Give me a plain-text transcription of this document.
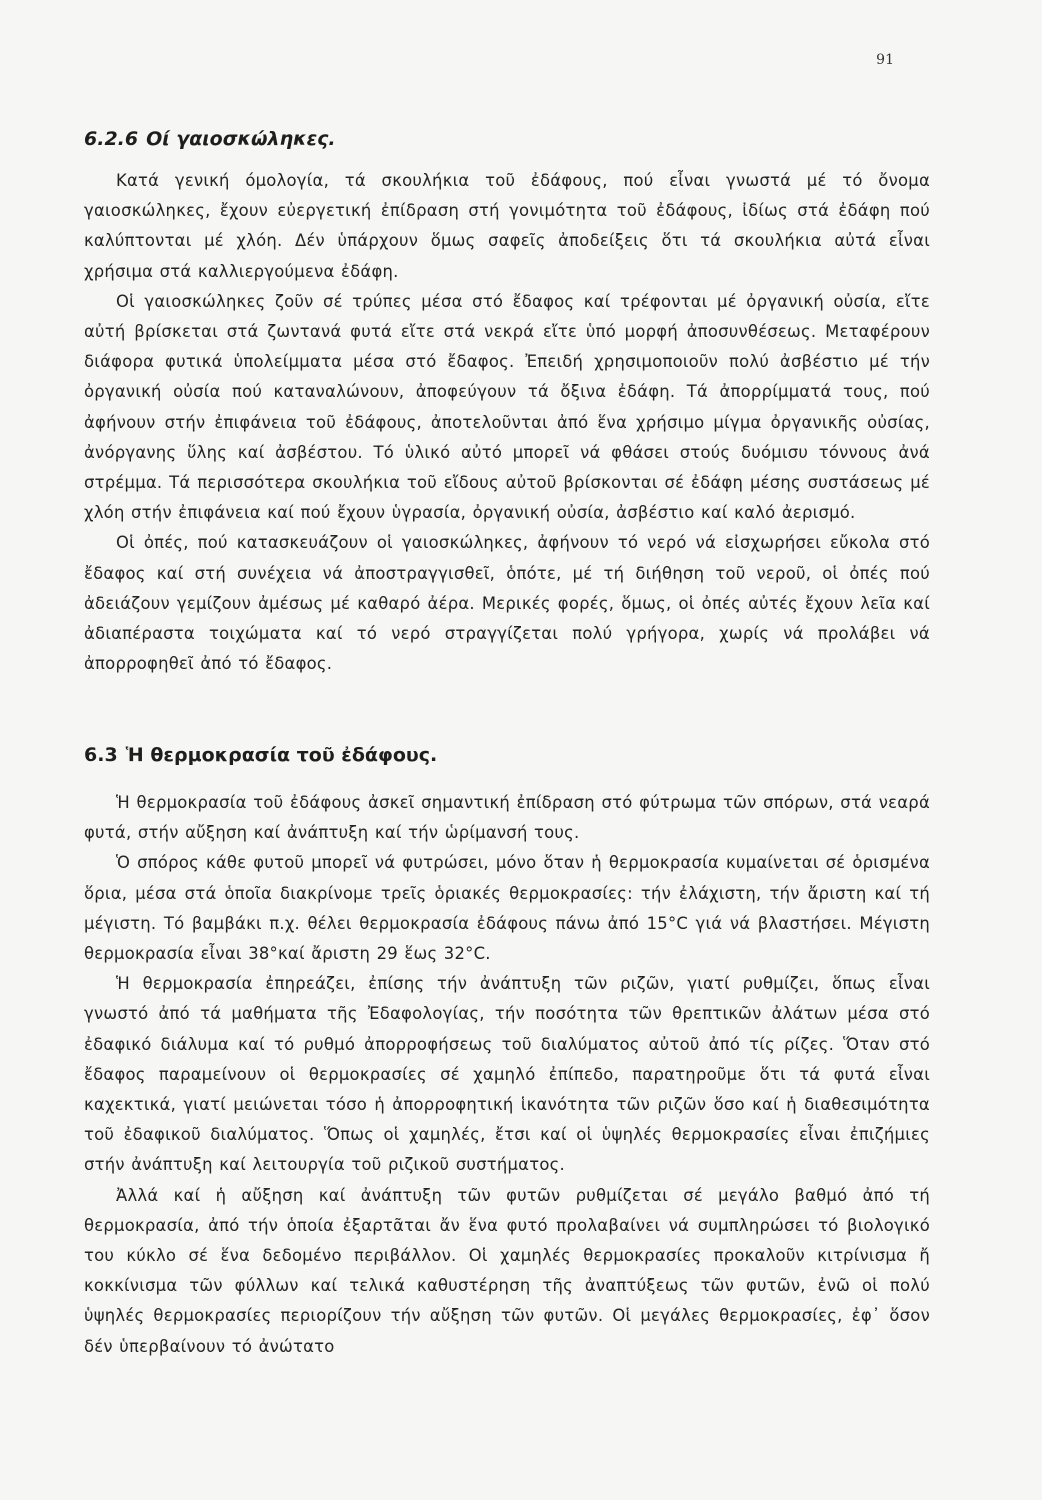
91
6.2.6 Οί γαιοσκώληκες.

Κατά γενική όμολογία, τά σκουλήκια τοῦ ἐδάφους, πού εἶναι γνωστά μέ τό ὄνομα γαιοσκώληκες, ἔχουν εὐεργετική ἐπίδραση στή γονιμότητα τοῦ ἐδάφους, ἰδίως στά ἐδάφη πού καλύπτονται μέ χλόη. Δέν ὑπάρχουν ὅμως σαφεῖς ἀποδείξεις ὅτι τά σκουλήκια αὐτά εἶναι χρήσιμα στά καλλιεργούμενα ἐδάφη.

Οἱ γαιοσκώληκες ζοῦν σέ τρύπες μέσα στό ἔδαφος καί τρέφονται μέ ὀργανική οὐσία, εἴτε αὐτή βρίσκεται στά ζωντανά φυτά εἴτε στά νεκρά εἴτε ὑπό μορφή ἀποσυνθέσεως. Μεταφέρουν διάφορα φυτικά ὑπολείμματα μέσα στό ἔδαφος. Ἐπειδή χρησιμοποιοῦν πολύ ἀσβέστιο μέ τήν ὀργανική οὐσία πού καταναλώνουν, ἀποφεύγουν τά ὄξινα ἐδάφη. Τά ἀπορρίμματά τους, πού ἀφήνουν στήν ἐπιφάνεια τοῦ ἐδάφους, ἀποτελοῦνται ἀπό ἕνα χρήσιμο μίγμα ὀργανικῆς οὐσίας, ἀνόργανης ὕλης καί ἀσβέστου. Τό ὑλικό αὐτό μπορεῖ νά φθάσει στούς δυόμισυ τόννους ἀνά στρέμμα. Τά περισσότερα σκουλήκια τοῦ εἴδους αὐτοῦ βρίσκονται σέ ἐδάφη μέσης συστάσεως μέ χλόη στήν ἐπιφάνεια καί πού ἔχουν ὑγρασία, ὀργανική οὐσία, ἀσβέστιο καί καλό ἀερισμό.

Οἱ ὀπές, πού κατασκευάζουν οἱ γαιοσκώληκες, ἀφήνουν τό νερό νά εἰσχωρήσει εὔκολα στό ἔδαφος καί στή συνέχεια νά ἀποστραγγισθεῖ, ὁπότε, μέ τή διήθηση τοῦ νεροῦ, οἱ ὀπές πού ἀδειάζουν γεμίζουν ἀμέσως μέ καθαρό ἀέρα. Μερικές φορές, ὅμως, οἱ ὀπές αὐτές ἔχουν λεῖα καί ἀδιαπέραστα τοιχώματα καί τό νερό στραγγίζεται πολύ γρήγορα, χωρίς νά προλάβει νά ἀπορροφηθεῖ ἀπό τό ἔδαφος.

6.3 Ἡ θερμοκρασία τοῦ ἐδάφους.

Ἡ θερμοκρασία τοῦ ἐδάφους ἀσκεῖ σημαντική ἐπίδραση στό φύτρωμα τῶν σπόρων, στά νεαρά φυτά, στήν αὔξηση καί ἀνάπτυξη καί τήν ὡρίμανσή τους.

Ὁ σπόρος κάθε φυτοῦ μπορεῖ νά φυτρώσει, μόνο ὅταν ἡ θερμοκρασία κυμαίνεται σέ ὁρισμένα ὅρια, μέσα στά ὁποῖα διακρίνομε τρεῖς ὁριακές θερμοκρασίες: τήν ἐλάχιστη, τήν ἄριστη καί τή μέγιστη. Τό βαμβάκι π.χ. θέλει θερμοκρασία ἐδάφους πάνω ἀπό 15°C γιά νά βλαστήσει. Μέγιστη θερμοκρασία εἶναι 38°καί ἄριστη 29 ἕως 32°C.

Ἡ θερμοκρασία ἐπηρεάζει, ἐπίσης τήν ἀνάπτυξη τῶν ριζῶν, γιατί ρυθμίζει, ὅπως εἶναι γνωστό ἀπό τά μαθήματα τῆς Ἐδαφολογίας, τήν ποσότητα τῶν θρεπτικῶν ἀλάτων μέσα στό ἐδαφικό διάλυμα καί τό ρυθμό ἀπορροφήσεως τοῦ διαλύματος αὐτοῦ ἀπό τίς ρίζες. Ὅταν στό ἔδαφος παραμείνουν οἱ θερμοκρασίες σέ χαμηλό ἐπίπεδο, παρατηροῦμε ὅτι τά φυτά εἶναι καχεκτικά, γιατί μειώνεται τόσο ἡ ἀπορροφητική ἱκανότητα τῶν ριζῶν ὅσο καί ἡ διαθεσιμότητα τοῦ ἐδαφικοῦ διαλύματος. Ὅπως οἱ χαμηλές, ἔτσι καί οἱ ὑψηλές θερμοκρασίες εἶναι ἐπιζήμιες στήν ἀνάπτυξη καί λειτουργία τοῦ ριζικοῦ συστήματος.

Ἀλλά καί ἡ αὔξηση καί ἀνάπτυξη τῶν φυτῶν ρυθμίζεται σέ μεγάλο βαθμό ἀπό τή θερμοκρασία, ἀπό τήν ὁποία ἐξαρτᾶται ἄν ἕνα φυτό προλαβαίνει νά συμπληρώσει τό βιολογικό του κύκλο σέ ἕνα δεδομένο περιβάλλον. Οἱ χαμηλές θερμοκρασίες προκαλοῦν κιτρίνισμα ἤ κοκκίνισμα τῶν φύλλων καί τελικά καθυστέρηση τῆς ἀναπτύξεως τῶν φυτῶν, ἐνῶ οἱ πολύ ὑψηλές θερμοκρασίες περιορίζουν τήν αὔξηση τῶν φυτῶν. Οἱ μεγάλες θερμοκρασίες, ἐφ᾽ ὅσον δέν ὑπερβαίνουν τό ἀνώτατο
